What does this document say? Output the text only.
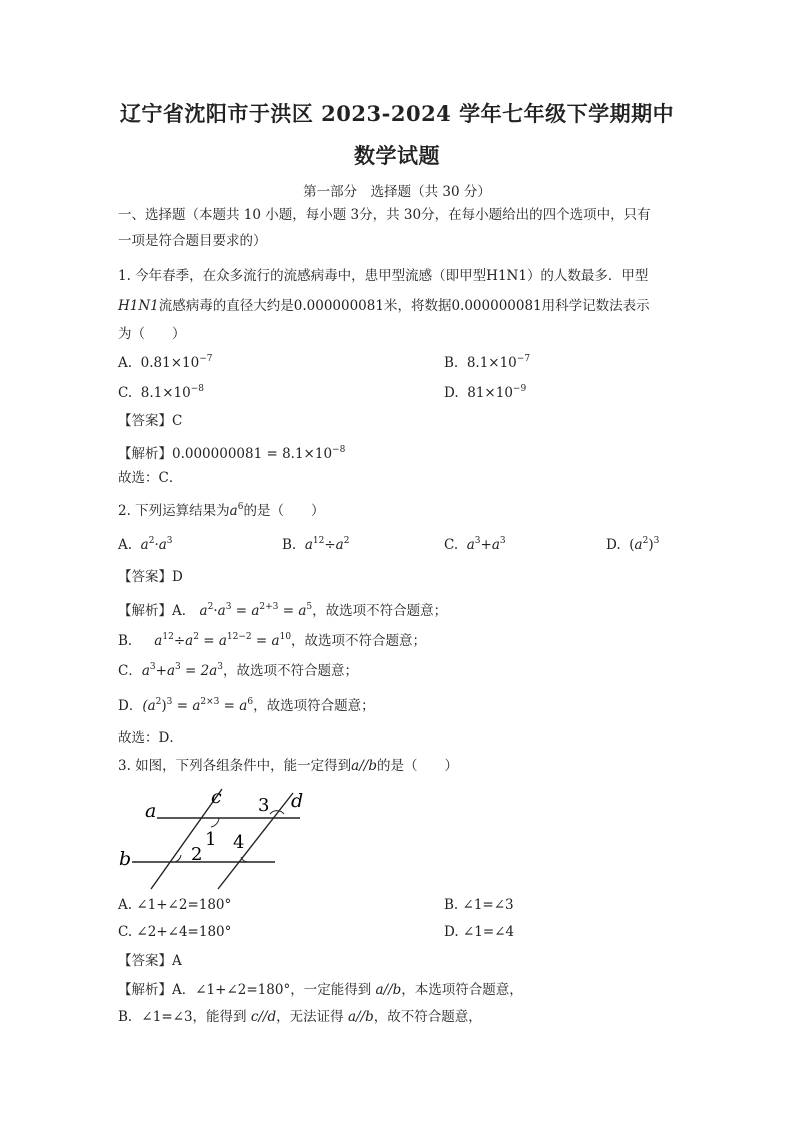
辽宁省沈阳市于洪区 2023-2024 学年七年级下学期期中
数学试题
第一部分　选择题（共 30 分）
一、选择题（本题共 10 小题，每小题 3分，共 30分，在每小题给出的四个选项中，只有
一项是符合题目要求的）
1. 今年春季，在众多流行的流感病毒中，患甲型流感（即甲型H1N1）的人数最多．甲型
H1N1流感病毒的直径大约是0.000000081米，将数据0.000000081用科学记数法表示
为（　　）
A. $0.81\times 10^{-7}$	B. $8.1\times 10^{-7}$
C. $8.1\times 10^{-8}$	D. $81\times 10^{-9}$
【答案】C
【解析】$0.000000081 = 8.1\times 10^{-8}$
故选：C．
2. 下列运算结果为$a^6$的是（　　）
A. $a^2\cdot a^3$	B. $a^{12}\div a^2$	C. $a^3+a^3$	D. $(a^2)^3$
【答案】D
【解析】A． $a^2\cdot a^3 = a^{2+3} = a^5$，故选项不符合题意；
B． $a^{12}\div a^2 = a^{12-2} = a^{10}$，故选项不符合题意；
C．$a^3+a^3 = 2a^3$，故选项不符合题意；
D．$(a^2)^3 = a^{2\times 3} = a^6$，故选项符合题意；
故选：D．
3. 如图，下列各组条件中，能一定得到a//b的是（　　）
a
b
c	d
1
2
3
4
A. ∠1+∠2=180°	B. ∠1=∠3
C. ∠2+∠4=180°	D. ∠1=∠4
【答案】A
【解析】A．∠1+∠2=180°，一定能得到 a//b，本选项符合题意，
B．∠1=∠3，能得到 c//d，无法证得 a//b，故不符合题意，
